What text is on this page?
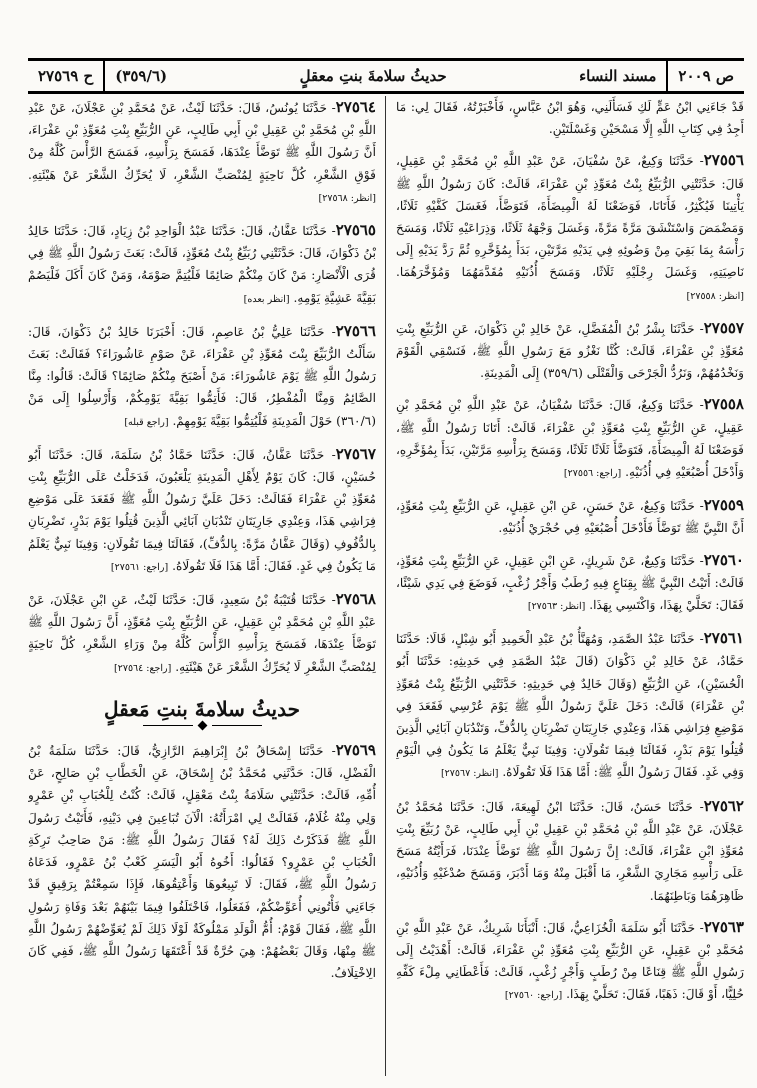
ص ٢٠٠٩
مسند النساء
حديثُ سلامةَ بنتِ معقلٍ
(٣٥٩/٦)
ح ٢٧٥٦٩
قَدْ جَاءَنِي ابْنُ عَمٍّ لَكِ فَسَأَلَنِي، وَهُوَ ابْنُ عَبَّاسٍ، فَأَخْبَرْتُهُ، فَقَالَ لِي: مَا أَجِدُ فِي كِتَابِ اللَّهِ إِلَّا مَسْحَيْنِ وَغَسْلَتَيْنِ.
٢٧٥٥٦- حَدَّثَنَا وَكِيعٌ، عَنْ سُفْيَانَ، عَنْ عَبْدِ اللَّهِ بْنِ مُحَمَّدِ بْنِ عَقِيلٍ، قَالَ: حَدَّثَتْنِي الرُّبَيِّعُ بِنْتُ مُعَوِّذِ بْنِ عَفْرَاءَ، قَالَتْ: كَانَ رَسُولُ اللَّهِ ﷺ يَأْتِينَا فَيُكْثِرُ، فَأَتَانَا، فَوَضَعْنَا لَهُ الْمِيضَأَةَ، فَتَوَضَّأَ، فَغَسَلَ كَفَّيْهِ ثَلَاثًا، وَمَضْمَضَ وَاسْتَنْشَقَ مَرَّةً مَرَّةً، وَغَسَلَ وَجْهَهُ ثَلَاثًا، وَذِرَاعَيْهِ ثَلَاثًا، وَمَسَحَ رَأْسَهُ بِمَا بَقِيَ مِنْ وَضُوئِهِ فِي يَدَيْهِ مَرَّتَيْنِ، بَدَأَ بِمُؤَخَّرِهِ ثُمَّ رَدَّ يَدَيْهِ إِلَى نَاصِيَتِهِ، وَغَسَلَ رِجْلَيْهِ ثَلَاثًا، وَمَسَحَ أُذُنَيْهِ مُقَدَّمَهُمَا وَمُؤَخَّرَهُمَا. [انظر: ٢٧٥٥٨]
٢٧٥٥٧- حَدَّثَنَا بِشْرُ بْنُ الْمُفَضَّلِ، عَنْ خَالِدِ بْنِ ذَكْوَانَ، عَنِ الرُّبَيِّعِ بِنْتِ مُعَوِّذِ بْنِ عَفْرَاءَ، قَالَتْ: كُنَّا نَغْزُو مَعَ رَسُولِ اللَّهِ ﷺ، فَنَسْقِي الْقَوْمَ وَنَخْدُمُهُمْ، وَنَرُدُّ الْجَرْحَى وَالْقَتْلَى (٣٥٩/٦) إِلَى الْمَدِينَةِ.
٢٧٥٥٨- حَدَّثَنَا وَكِيعٌ، قَالَ: حَدَّثَنَا سُفْيَانُ، عَنْ عَبْدِ اللَّهِ بْنِ مُحَمَّدِ بْنِ عَقِيلٍ، عَنِ الرُّبَيِّعِ بِنْتِ مُعَوِّذِ بْنِ عَفْرَاءَ، قَالَتْ: أَتَانَا رَسُولُ اللَّهِ ﷺ، فَوَضَعْنَا لَهُ الْمِيضَأَةَ، فَتَوَضَّأَ ثَلَاثًا ثَلَاثًا، وَمَسَحَ بِرَأْسِهِ مَرَّتَيْنِ، بَدَأَ بِمُؤَخَّرِهِ، وَأَدْخَلَ أُصْبُعَيْهِ فِي أُذُنَيْهِ. [راجع: ٢٧٥٥٦]
٢٧٥٥٩- حَدَّثَنَا وَكِيعٌ، عَنْ حَسَنٍ، عَنِ ابْنِ عَقِيلٍ، عَنِ الرُّبَيِّعِ بِنْتِ مُعَوِّذٍ، أَنَّ النَّبِيَّ ﷺ تَوَضَّأَ فَأَدْخَلَ أُصْبُعَيْهِ فِي حُجْرَيْ أُذُنَيْهِ.
٢٧٥٦٠- حَدَّثَنَا وَكِيعٌ، عَنْ شَرِيكٍ، عَنِ ابْنِ عَقِيلٍ، عَنِ الرُّبَيِّعِ بِنْتِ مُعَوِّذٍ، قَالَتْ: أَتَيْتُ النَّبِيَّ ﷺ بِقِنَاعٍ فِيهِ رُطَبٌ وَأَجْرُ زُغْبٍ، فَوَضَعَ فِي يَدِي شَيْئًا، فَقَالَ: تَحَلَّيْ بِهَذَا، وَاكْتَسِي بِهَذَا. [انظر: ٢٧٥٦٣]
٢٧٥٦١- حَدَّثَنَا عَبْدُ الصَّمَدِ، وَمُهَنَّأُ بْنُ عَبْدِ الْحَمِيدِ أَبُو شِبْلٍ، قَالَا: حَدَّثَنَا حَمَّادٌ، عَنْ خَالِدِ بْنِ ذَكْوَانَ (قَالَ عَبْدُ الصَّمَدِ فِي حَدِيثِهِ: حَدَّثَنَا أَبُو الْحُسَيْنِ)، عَنِ الرُّبَيِّعِ (وَقَالَ خَالِدٌ فِي حَدِيثِهِ: حَدَّثَتْنِي الرُّبَيِّعُ بِنْتُ مُعَوِّذِ بْنِ عَفْرَاءَ) قَالَتْ: دَخَلَ عَلَيَّ رَسُولُ اللَّهِ ﷺ يَوْمَ عُرْسِي فَقَعَدَ فِي مَوْضِعِ فِرَاشِي هَذَا، وَعِنْدِي جَارِيَتَانِ تَضْرِبَانِ بِالدُّفِّ، وَتَنْدُبَانِ آبَائِي الَّذِينَ قُتِلُوا يَوْمَ بَدْرٍ، فَقَالَتَا فِيمَا تَقُولَانِ: وَفِينَا نَبِيٌّ يَعْلَمُ مَا يَكُونُ فِي الْيَوْمِ وَفِي غَدٍ. فَقَالَ رَسُولُ اللَّهِ ﷺ: أَمَّا هَذَا فَلَا تَقُولَاهُ. [انظر: ٢٧٥٦٧]
٢٧٥٦٢- حَدَّثَنَا حَسَنٌ، قَالَ: حَدَّثَنَا ابْنُ لَهِيعَةَ، قَالَ: حَدَّثَنَا مُحَمَّدُ بْنُ عَجْلَانَ، عَنْ عَبْدِ اللَّهِ بْنِ مُحَمَّدِ بْنِ عَقِيلِ بْنِ أَبِي طَالِبٍ، عَنْ رُبَيِّعَ بِنْتِ مُعَوِّذِ ابْنِ عَفْرَاءَ، قَالَتْ: إِنَّ رَسُولَ اللَّهِ ﷺ تَوَضَّأَ عِنْدَنَا، فَرَأَيْتُهُ مَسَحَ عَلَى رَأْسِهِ مَجَارِيَ الشَّعْرِ، مَا أَقْبَلَ مِنْهُ وَمَا أَدْبَرَ، وَمَسَحَ صُدْغَيْهِ وَأُذُنَيْهِ، ظَاهِرَهُمَا وَبَاطِنَهُمَا.
٢٧٥٦٣- حَدَّثَنَا أَبُو سَلَمَةَ الْخُزَاعِيُّ، قَالَ: أَنْبَأَنَا شَرِيكٌ، عَنْ عَبْدِ اللَّهِ بْنِ مُحَمَّدِ بْنِ عَقِيلٍ، عَنِ الرُّبَيِّعِ بِنْتِ مُعَوِّذِ بْنِ عَفْرَاءَ، قَالَتْ: أَهْدَيْتُ إِلَى رَسُولِ اللَّهِ ﷺ قِنَاعًا مِنْ رُطَبٍ وَأَجْرٍ زُغْبٍ، قَالَتْ: فَأَعْطَانِي مِلْءَ كَفِّهِ حُلِيًّا، أَوْ قَالَ: ذَهَبًا، فَقَالَ: تَحَلَّيْ بِهَذَا. [راجع: ٢٧٥٦٠]
٢٧٥٦٤- حَدَّثَنَا يُونُسُ، قَالَ: حَدَّثَنَا لَيْثٌ، عَنْ مُحَمَّدِ بْنِ عَجْلَانَ، عَنْ عَبْدِ اللَّهِ بْنِ مُحَمَّدِ بْنِ عَقِيلِ بْنِ أَبِي طَالِبٍ، عَنِ الرُّبَيِّعِ بِنْتِ مُعَوِّذِ بْنِ عَفْرَاءَ، أَنَّ رَسُولَ اللَّهِ ﷺ تَوَضَّأَ عِنْدَهَا، فَمَسَحَ بِرَأْسِهِ، فَمَسَحَ الرَّأْسَ كُلَّهُ مِنْ فَوْقِ الشَّعْرِ، كُلَّ نَاحِيَةٍ لِمُنْصَبِّ الشَّعْرِ، لَا يُحَرِّكُ الشَّعْرَ عَنْ هَيْئَتِهِ. [انظر: ٢٧٥٦٨]
٢٧٥٦٥- حَدَّثَنَا عَفَّانُ، قَالَ: حَدَّثَنَا عَبْدُ الْوَاحِدِ بْنُ زِيَادٍ، قَالَ: حَدَّثَنَا خَالِدُ بْنُ ذَكْوَانَ، قَالَ: حَدَّثَتْنِي رُبَيِّعُ بِنْتُ مُعَوِّذٍ، قَالَتْ: بَعَثَ رَسُولُ اللَّهِ ﷺ فِي قُرَى الْأَنْصَارِ: مَنْ كَانَ مِنْكُمْ صَائِمًا فَلْيُتِمَّ صَوْمَهُ، وَمَنْ كَانَ أَكَلَ فَلْيَصُمْ بَقِيَّةَ عَشِيَّةِ يَوْمِهِ. [انظر بعده]
٢٧٥٦٦- حَدَّثَنَا عَلِيُّ بْنُ عَاصِمٍ، قَالَ: أَخْبَرَنَا خَالِدُ بْنُ ذَكْوَانَ، قَالَ: سَأَلْتُ الرُّبَيِّعَ بِنْتَ مُعَوِّذِ بْنِ عَفْرَاءَ، عَنْ صَوْمِ عَاشُورَاءَ؟ فَقَالَتْ: بَعَثَ رَسُولُ اللَّهِ ﷺ يَوْمَ عَاشُورَاءَ: مَنْ أَصْبَحَ مِنْكُمْ صَائِمًا؟ قَالَتْ: قَالُوا: مِنَّا الصَّائِمُ وَمِنَّا الْمُفْطِرُ، قَالَ: فَأَتِمُّوا بَقِيَّةَ يَوْمِكُمْ، وَأَرْسِلُوا إِلَى مَنْ (٣٦٠/٦) حَوْلَ الْمَدِينَةِ فَلْيُتِمُّوا بَقِيَّةَ يَوْمِهِمْ. [راجع قبله]
٢٧٥٦٧- حَدَّثَنَا عَفَّانُ، قَالَ: حَدَّثَنَا حَمَّادُ بْنُ سَلَمَةَ، قَالَ: حَدَّثَنَا أَبُو حُسَيْنٍ، قَالَ: كَانَ يَوْمٌ لِأَهْلِ الْمَدِينَةِ يَلْعَبُونَ، فَدَخَلْتُ عَلَى الرُّبَيِّعِ بِنْتِ مُعَوِّذِ بْنِ عَفْرَاءَ فَقَالَتْ: دَخَلَ عَلَيَّ رَسُولُ اللَّهِ ﷺ فَقَعَدَ عَلَى مَوْضِعِ فِرَاشِي هَذَا، وَعِنْدِي جَارِيَتَانِ تَنْدُبَانِ آبَائِي الَّذِينَ قُتِلُوا يَوْمَ بَدْرٍ، تَضْرِبَانِ بِالدُّفُوفِ (وَقَالَ عَفَّانُ مَرَّةً: بِالدُّفِّ)، فَقَالَتَا فِيمَا تَقُولَانِ: وَفِينَا نَبِيٌّ يَعْلَمُ مَا يَكُونُ فِي غَدٍ. فَقَالَ: أَمَّا هَذَا فَلَا تَقُولَاهُ. [راجع: ٢٧٥٦١]
٢٧٥٦٨- حَدَّثَنَا قُتَيْبَةُ بْنُ سَعِيدٍ، قَالَ: حَدَّثَنَا لَيْثٌ، عَنِ ابْنِ عَجْلَانَ، عَنْ عَبْدِ اللَّهِ بْنِ مُحَمَّدِ بْنِ عَقِيلٍ، عَنِ الرُّبَيِّعِ بِنْتِ مُعَوِّذٍ، أَنَّ رَسُولَ اللَّهِ ﷺ تَوَضَّأَ عِنْدَهَا، فَمَسَحَ بِرَأْسِهِ الرَّأْسَ كُلَّهُ مِنْ وَرَاءِ الشَّعْرِ، كُلَّ نَاحِيَةٍ لِمُنْصَبِّ الشَّعْرِ لَا يُحَرِّكُ الشَّعْرَ عَنْ هَيْئَتِهِ. [راجع: ٢٧٥٦٤]
حديثُ سلامةَ بنتِ مَعقلٍ
٢٧٥٦٩- حَدَّثَنَا إِسْحَاقُ بْنُ إِبْرَاهِيمَ الرَّازِيُّ، قَالَ: حَدَّثَنَا سَلَمَةُ بْنُ الْفَضْلِ، قَالَ: حَدَّثَنِي مُحَمَّدُ بْنُ إِسْحَاقَ، عَنِ الْخَطَّابِ بْنِ صَالِحٍ، عَنْ أُمِّهِ، قَالَتْ: حَدَّثَتْنِي سَلَامَةُ بِنْتُ مَعْقِلٍ، قَالَتْ: كُنْتُ لِلْحُبَابِ بْنِ عَمْرٍو وَلِي مِنْهُ غُلَامٌ، فَقَالَتْ لِي امْرَأَتُهُ: الْآنَ تُبَاعِينَ فِي دَيْنِهِ، فَأَتَيْتُ رَسُولَ اللَّهِ ﷺ فَذَكَرْتُ ذَلِكَ لَهُ؟ فَقَالَ رَسُولُ اللَّهِ ﷺ: مَنْ صَاحِبُ تَرِكَةِ الْحُبَابِ بْنِ عَمْرٍو؟ فَقَالُوا: أَخُوهُ أَبُو الْيَسَرِ كَعْبُ بْنُ عَمْرٍو، فَدَعَاهُ رَسُولُ اللَّهِ ﷺ، فَقَالَ: لَا تَبِيعُوهَا وَأَعْتِقُوهَا، فَإِذَا سَمِعْتُمْ بِرَقِيقٍ قَدْ جَاءَنِي فَأْتُونِي أُعَوِّضْكُمْ، فَفَعَلُوا، فَاخْتَلَفُوا فِيمَا بَيْنَهُمْ بَعْدَ وَفَاةِ رَسُولِ اللَّهِ ﷺ، فَقَالَ قَوْمٌ: أُمُّ الْوَلَدِ مَمْلُوكَةٌ لَوْلَا ذَلِكَ لَمْ يُعَوِّضْهُمْ رَسُولُ اللَّهِ ﷺ مِنْهَا، وَقَالَ بَعْضُهُمْ: هِيَ حُرَّةٌ قَدْ أَعْتَقَهَا رَسُولُ اللَّهِ ﷺ، فَفِي كَانَ الِاخْتِلَافُ.
